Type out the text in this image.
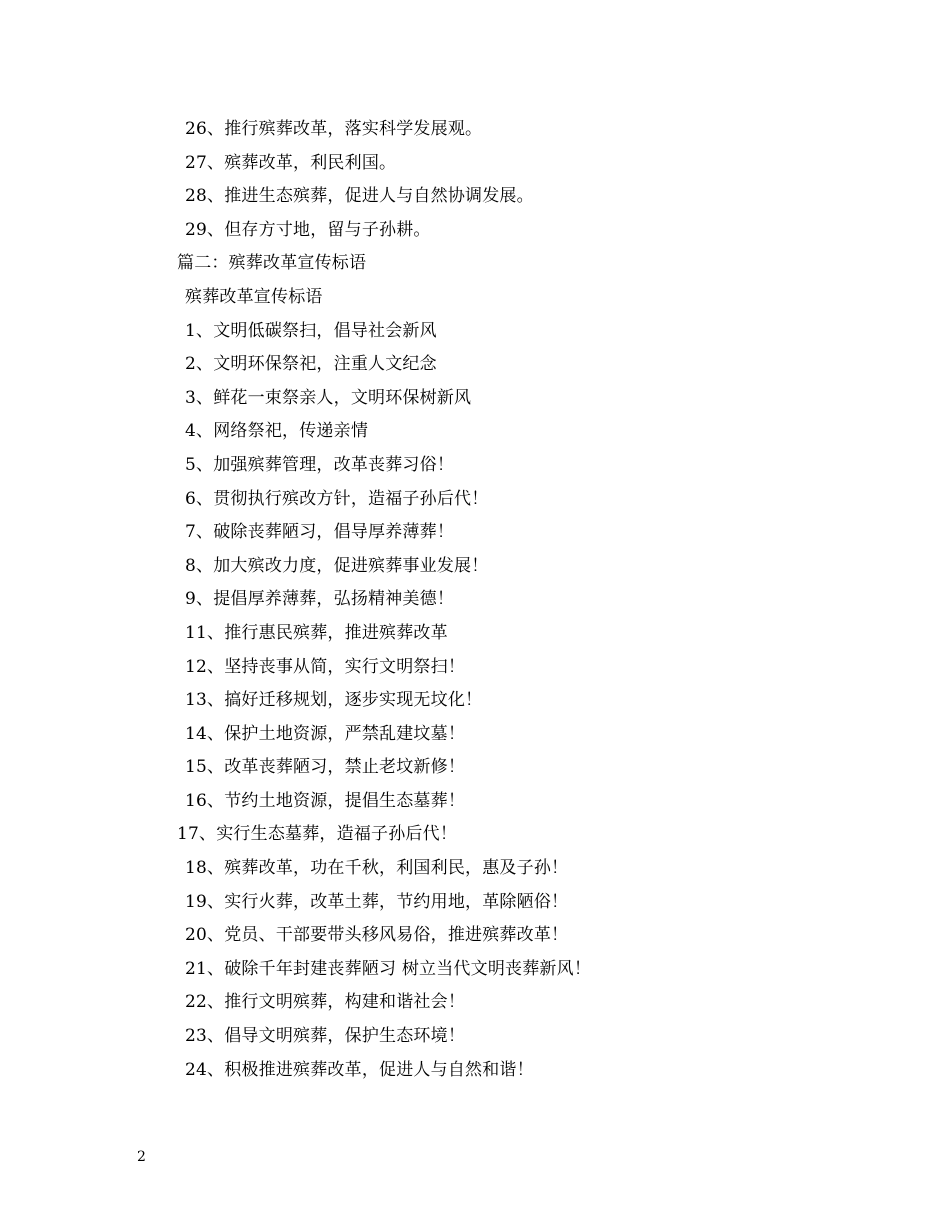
26、推行殡葬改革，落实科学发展观。
27、殡葬改革，利民利国。
28、推进生态殡葬，促进人与自然协调发展。
29、但存方寸地，留与子孙耕。
篇二：殡葬改革宣传标语
殡葬改革宣传标语
1、文明低碳祭扫，倡导社会新风
2、文明环保祭祀，注重人文纪念
3、鲜花一束祭亲人，文明环保树新风
4、网络祭祀，传递亲情
5、加强殡葬管理，改革丧葬习俗！
6、贯彻执行殡改方针，造福子孙后代！
7、破除丧葬陋习，倡导厚养薄葬！
8、加大殡改力度，促进殡葬事业发展！
9、提倡厚养薄葬，弘扬精神美德！
11、推行惠民殡葬，推进殡葬改革
12、坚持丧事从简，实行文明祭扫！
13、搞好迁移规划，逐步实现无坟化！
14、保护土地资源，严禁乱建坟墓！
15、改革丧葬陋习，禁止老坟新修！
16、节约土地资源，提倡生态墓葬！
17、实行生态墓葬，造福子孙后代！
18、殡葬改革，功在千秋，利国利民，惠及子孙！
19、实行火葬，改革土葬，节约用地，革除陋俗！
20、党员、干部要带头移风易俗，推进殡葬改革！
21、破除千年封建丧葬陋习 树立当代文明丧葬新风！
22、推行文明殡葬，构建和谐社会！
23、倡导文明殡葬，保护生态环境！
24、积极推进殡葬改革，促进人与自然和谐！
2
